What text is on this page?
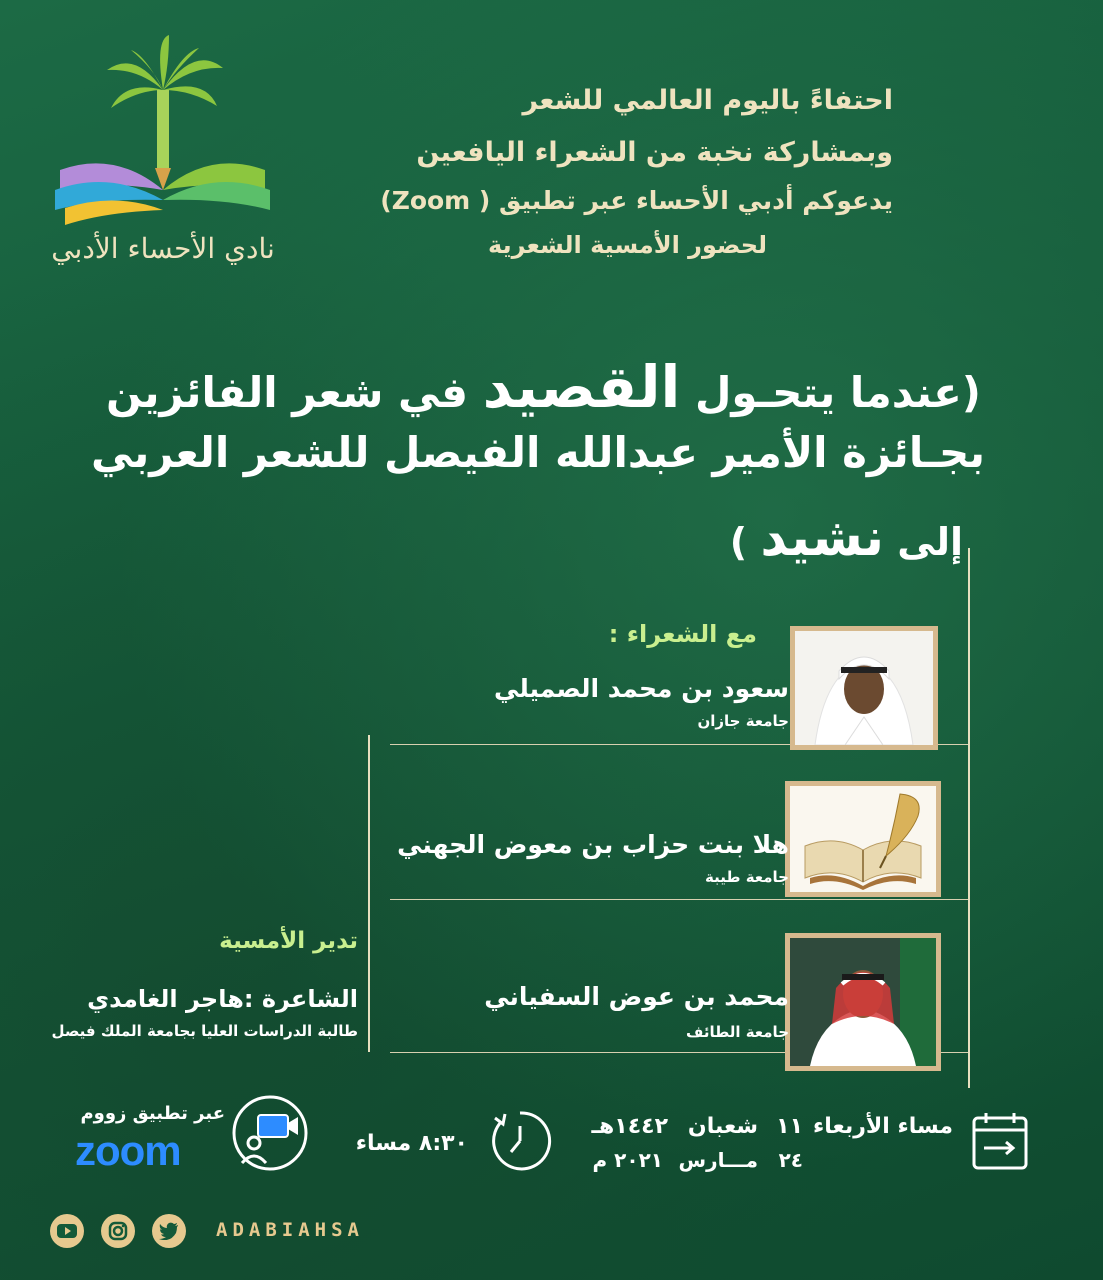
نادي الأحساء الأدبي
احتفاءً باليوم العالمي للشعر
وبمشاركة نخبة من الشعراء اليافعين
يدعوكم أدبي الأحساء عبر تطبيق ( Zoom)
لحضور الأمسية الشعرية
(عندما يتحـول القصيد في شعر الفائزين
بجـائزة الأمير عبدالله الفيصل للشعر العربي
إلى نشيد )
مع الشعراء :
سعود بن محمد الصميلي
جامعة جازان
هلا بنت حزاب بن معوض الجهني
جامعة طيبة
محمد بن عوض السفياني
جامعة الطائف
تدير الأمسية
الشاعرة :هاجر الغامدي
طالبة الدراسات العليا بجامعة الملك فيصل
مساء الأربعاء
١١
شعبان
١٤٤٢هـ
٢٤
مـــارس
٢٠٢١ م
٨:٣٠ مساء
عبر تطبيق زووم
zoom
ADABIAHSA
